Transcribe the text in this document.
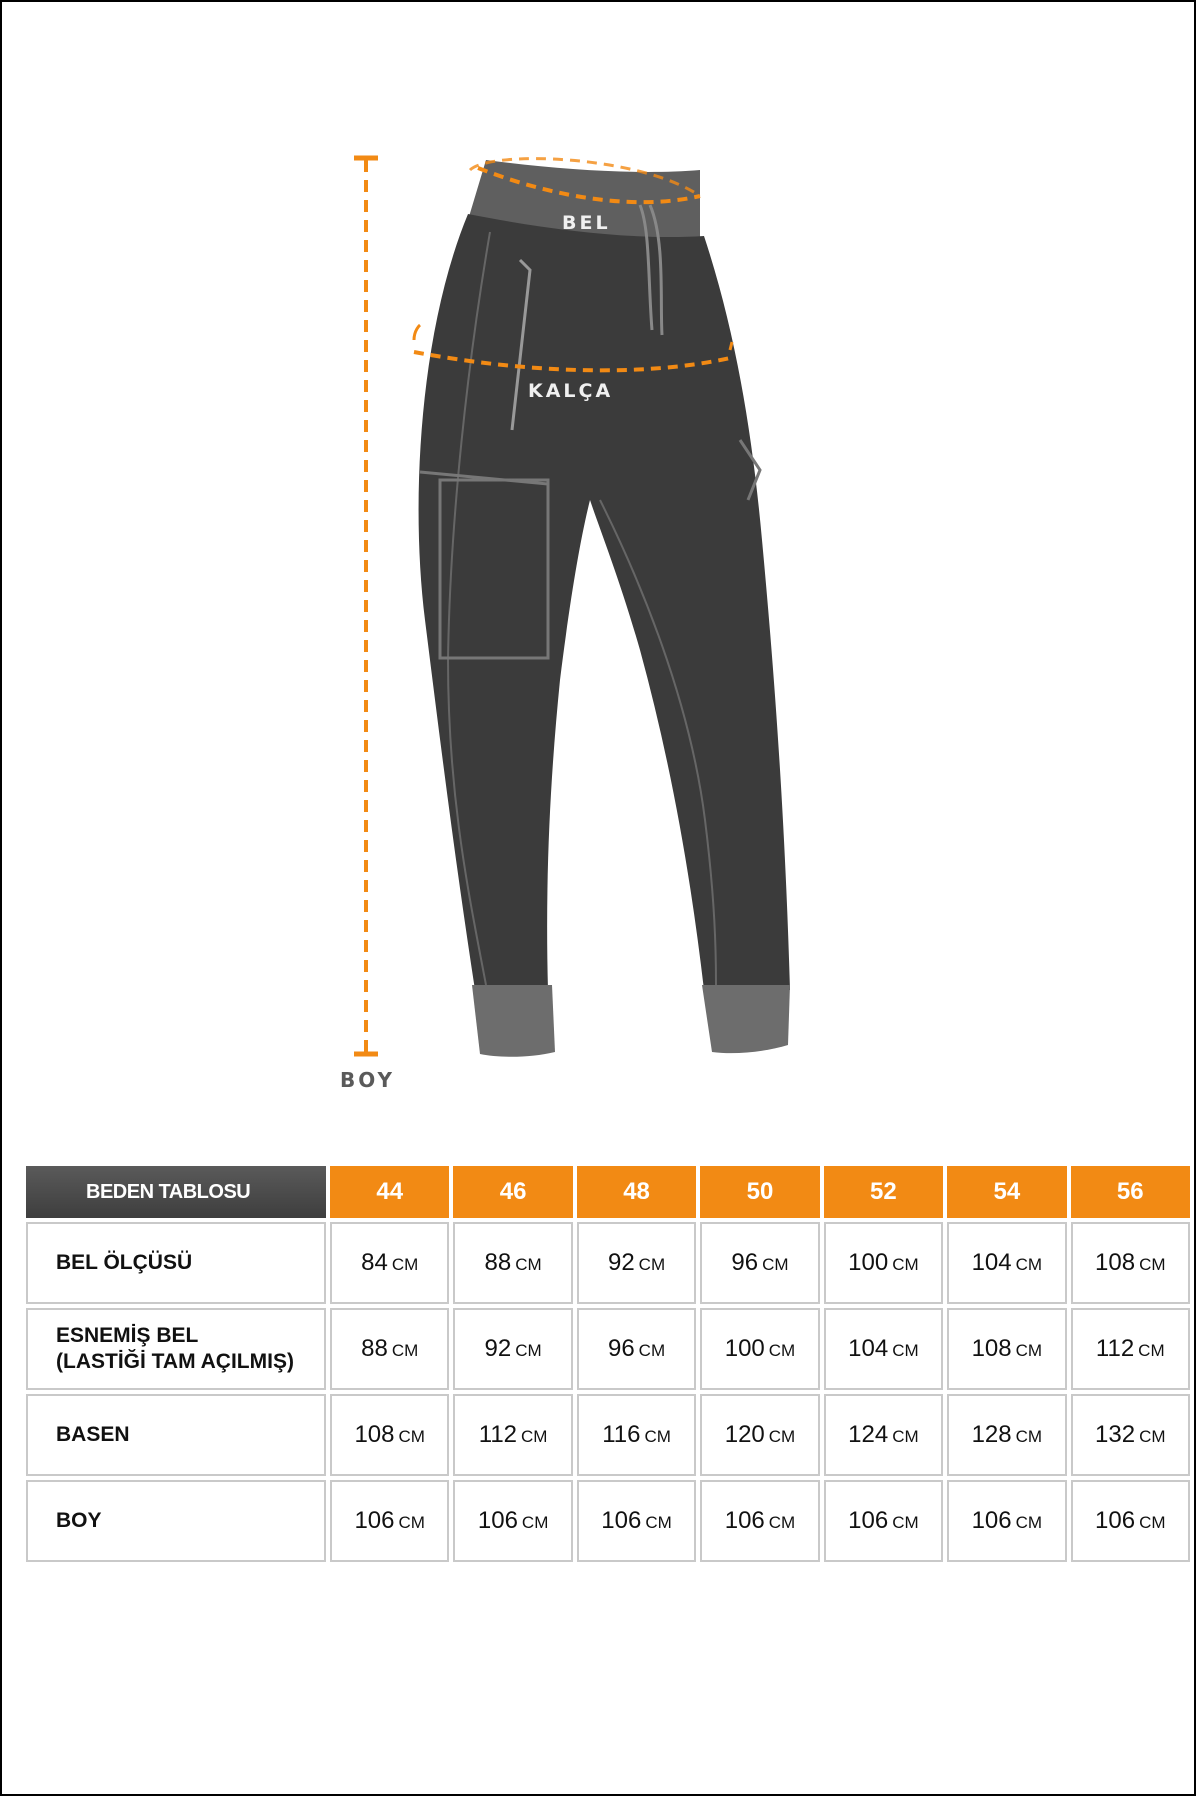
BEL
KALÇA
BOY
BEDEN TABLOSU	44	46	48	50	52	54	56
BEL ÖLÇÜSÜ	84 CM	88 CM	92 CM	96 CM	100 CM	104 CM	108 CM
ESNEMİŞ BEL
(LASTİĞİ TAM AÇILMIŞ)	88 CM	92 CM	96 CM	100 CM	104 CM	108 CM	112 CM
BASEN	108 CM	112 CM	116 CM	120 CM	124 CM	128 CM	132 CM
BOY	106 CM	106 CM	106 CM	106 CM	106 CM	106 CM	106 CM
